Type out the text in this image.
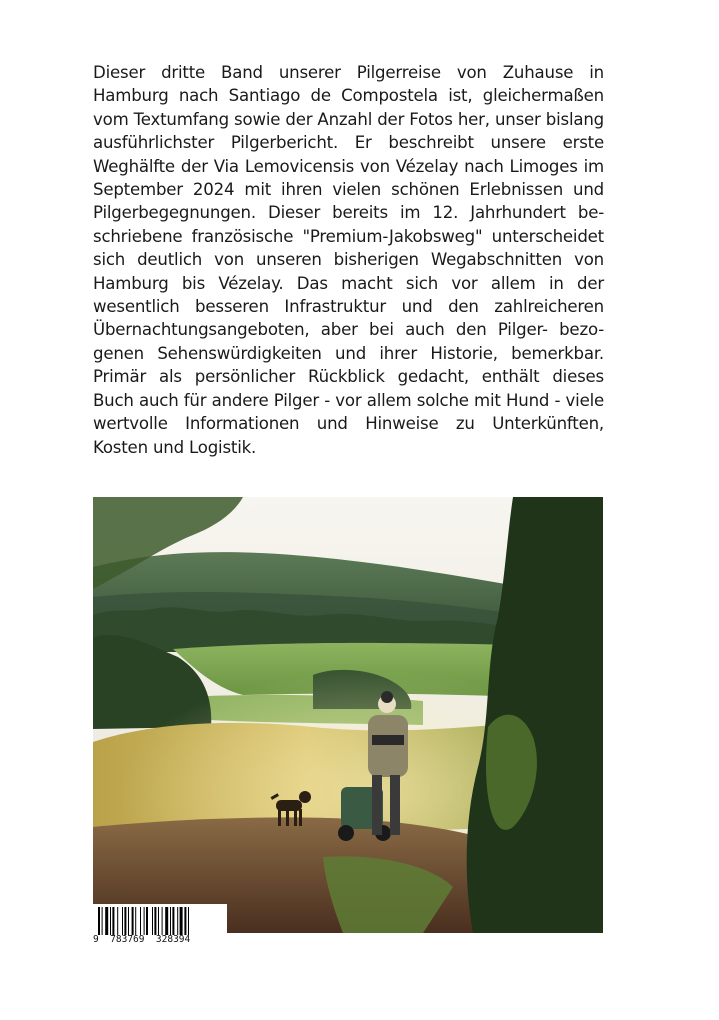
Dieser dritte Band unserer Pilgerreise von Zuhause in
Hamburg nach Santiago de Compostela ist, gleichermaßen
vom Textumfang sowie der Anzahl der Fotos her, unser bislang
ausführlichster Pilgerbericht. Er beschreibt unsere erste
Weghälfte der Via Lemovicensis von Vézelay nach Limoges im
September 2024 mit ihren vielen schönen Erlebnissen und
Pilgerbegegnungen. Dieser bereits im 12. Jahrhundert be-
schriebene französische "Premium-Jakobsweg" unterscheidet
sich deutlich von unseren bisherigen Wegabschnitten von
Hamburg bis Vézelay. Das macht sich vor allem in der
wesentlich besseren Infrastruktur und den zahlreicheren
Übernachtungsangeboten, aber bei auch den Pilger- bezo-
genen Sehenswürdigkeiten und ihrer Historie, bemerkbar.
Primär als persönlicher Rückblick gedacht, enthält dieses
Buch auch für andere Pilger - vor allem solche mit Hund - viele
wertvolle Informationen und Hinweise zu Unterkünften,
Kosten und Logistik.
9  783769  328394
